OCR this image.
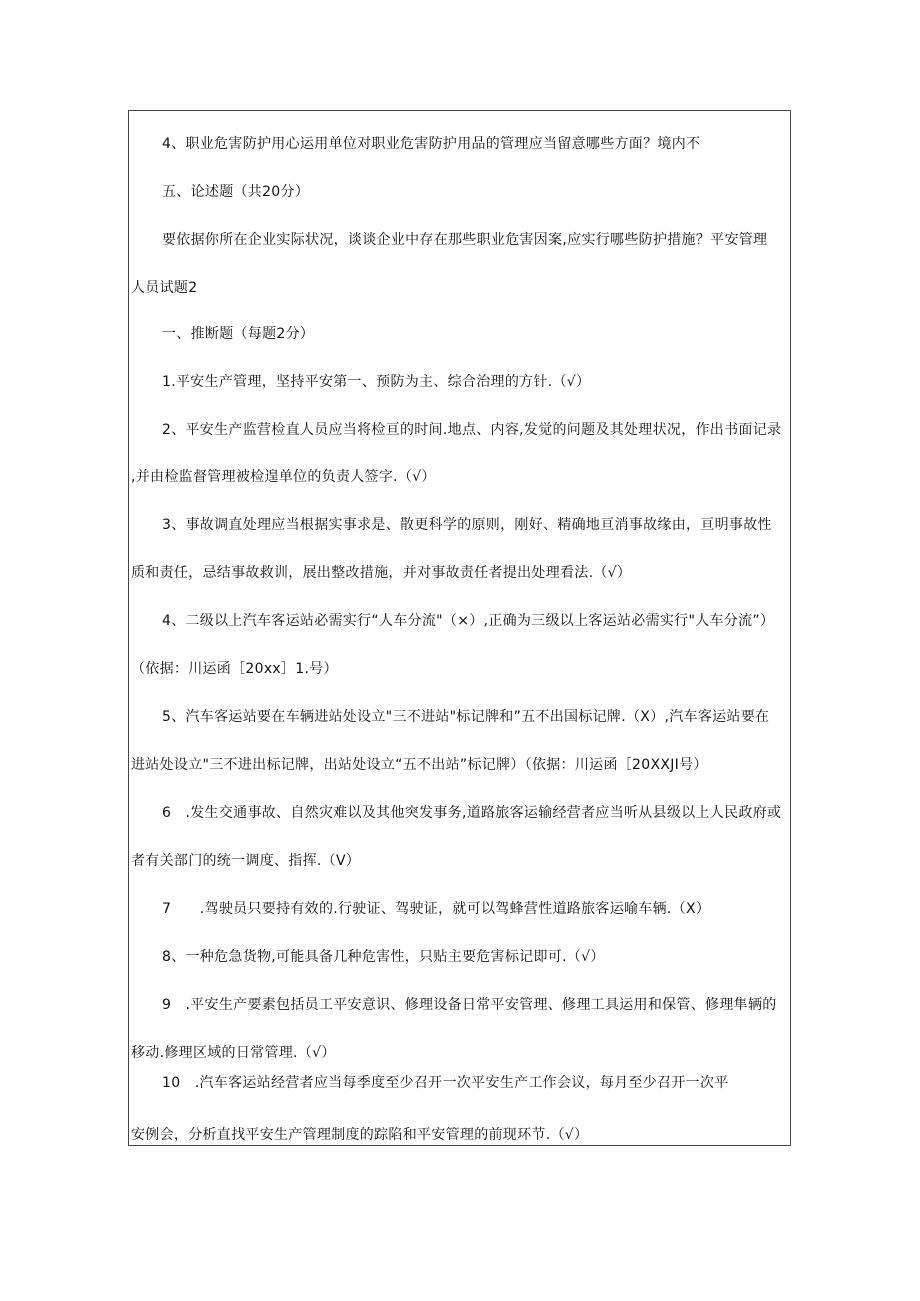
4、职业危害防护用心运用单位对职业危害防护用品的管理应当留意哪些方面？境内不
五、论述题（共20分）
要依据你所在企业实际状况，谈谈企业中存在那些职业危害因案,应实行哪些防护措施？平安管理
人员试题2
一、推断题（每题2分）
1.平安生产管理，坚持平安第一、预防为主、综合治理的方针.（√）
2、平安生产监营检直人员应当将检亘的时间.地点、内容,发觉的问题及其处理状况，作出书面记录
,并由检监督管理被检遑单位的负责人签字.（√）
3、事故调直处理应当根据实事求是、散更科学的原则，刚好、精确地亘消事故缘由，亘明事故性
质和责任，忌结事故救训，展出整改措施，并对事故责任者提出处理看法.（√）
4、二级以上汽车客运站必需实行“人车分流"（×）,正确为三级以上客运站必需实行"人车分流”）
（依据：川运函［20xx］1.号）
5、汽车客运站要在车辆进站处设立"三不进站"标记牌和”五不出国标记牌.（X）,汽车客运站要在
进站处设立"三不进出标记牌，出站处设立“五不出站”标记牌）（依据：川运函［20XXJI号）
6　.发生交通事故、自然灾难以及其他突发事务,道路旅客运输经营者应当听从县级以上人民政府或
者有关部门的统一调度、指挥.（V）
7　　.驾驶员只要持有效的.行驶证、驾驶证，就可以驾蜂营性道路旅客运喻车辆.（X）
8、一种危急货物,可能具备几种危害性，只贴主要危害标记即可.（√）
9　.平安生产要素包括员工平安意识、修理设备日常平安管理、修理工具运用和保管、修理隼辆的
移动.修理区域的日常管理.（√）
10　.汽车客运站经营者应当每季度至少召开一次平安生产工作会议，每月至少召开一次平
安例会，分析直找平安生产管理制度的踪陷和平安管理的前现环节.（√）
